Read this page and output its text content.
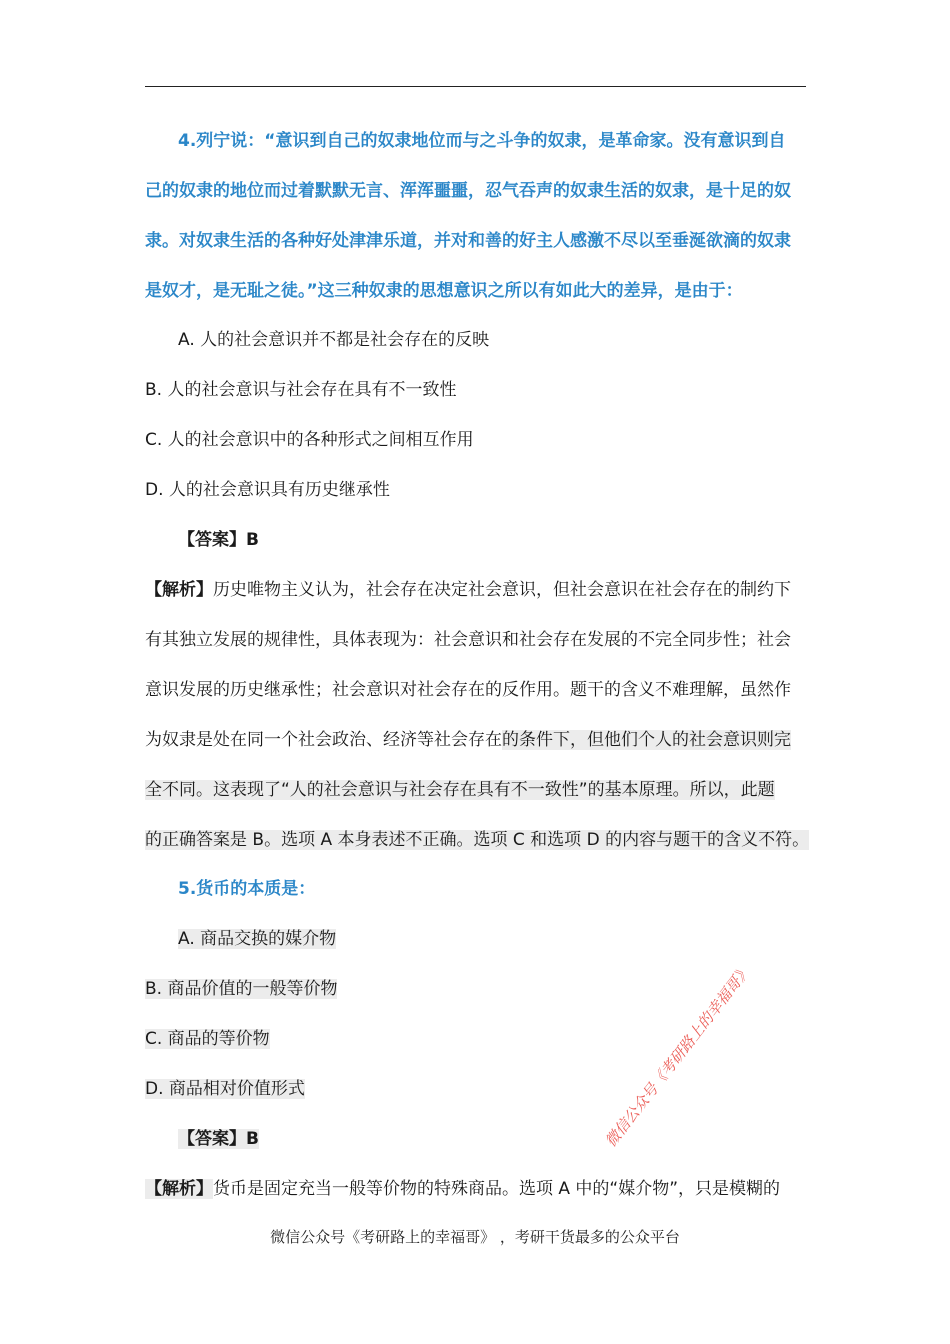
4.列宁说：“意识到自己的奴隶地位而与之斗争的奴隶，是革命家。没有意识到自
己的奴隶的地位而过着默默无言、浑浑噩噩，忍气吞声的奴隶生活的奴隶，是十足的奴
隶。对奴隶生活的各种好处津津乐道，并对和善的好主人感激不尽以至垂涎欲滴的奴隶
是奴才，是无耻之徒。”这三种奴隶的思想意识之所以有如此大的差异，是由于：
A. 人的社会意识并不都是社会存在的反映
B. 人的社会意识与社会存在具有不一致性
C. 人的社会意识中的各种形式之间相互作用
D. 人的社会意识具有历史继承性
【答案】B
【解析】历史唯物主义认为，社会存在决定社会意识，但社会意识在社会存在的制约下
有其独立发展的规律性，具体表现为：社会意识和社会存在发展的不完全同步性；社会
意识发展的历史继承性；社会意识对社会存在的反作用。题干的含义不难理解，虽然作
为奴隶是处在同一个社会政治、经济等社会存在的条件下，但他们个人的社会意识则完
全不同。这表现了“人的社会意识与社会存在具有不一致性”的基本原理。所以，此题
的正确答案是 B。选项 A 本身表述不正确。选项 C 和选项 D 的内容与题干的含义不符。
5.货币的本质是：
A. 商品交换的媒介物
B. 商品价值的一般等价物
C. 商品的等价物
D. 商品相对价值形式
【答案】B
【解析】货币是固定充当一般等价物的特殊商品。选项 A 中的“媒介物”，只是模糊的
微信公众号《考研路上的幸福哥》
微信公众号《考研路上的幸福哥》 ，考研干货最多的公众平台
